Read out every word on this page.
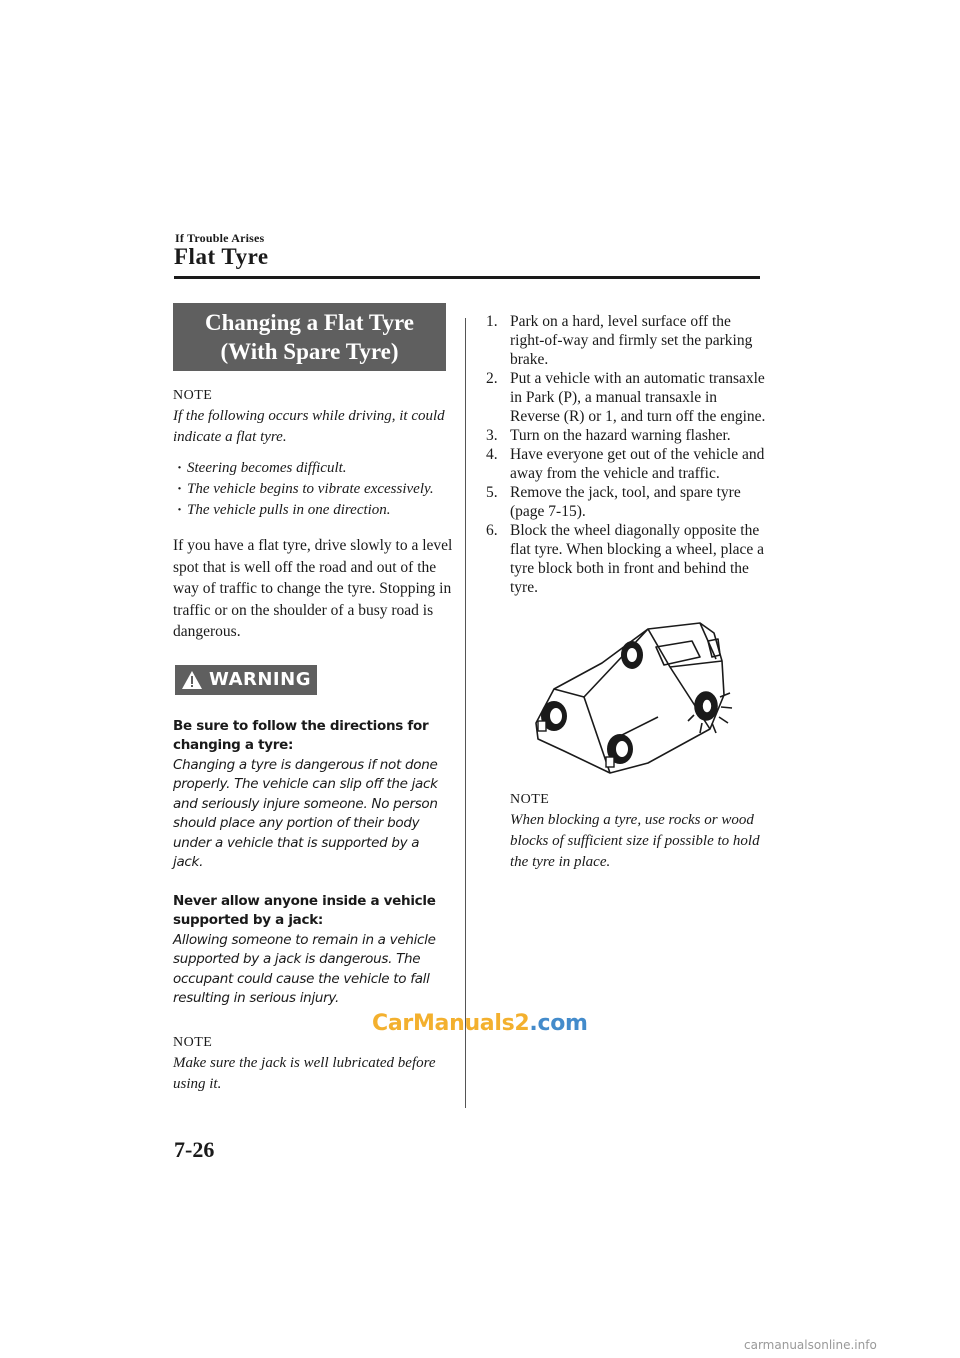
If Trouble Arises
Flat Tyre
Changing a Flat Tyre
(With Spare Tyre)
NOTE
If the following occurs while driving, it could indicate a flat tyre.
· Steering becomes difficult.
· The vehicle begins to vibrate excessively.
· The vehicle pulls in one direction.
If you have a flat tyre, drive slowly to a level spot that is well off the road and out of the way of traffic to change the tyre. Stopping in traffic or on the shoulder of a busy road is dangerous.
WARNING
Be sure to follow the directions for changing a tyre:
Changing a tyre is dangerous if not done properly. The vehicle can slip off the jack and seriously injure someone. No person should place any portion of their body under a vehicle that is supported by a jack.
Never allow anyone inside a vehicle supported by a jack:
Allowing someone to remain in a vehicle supported by a jack is dangerous. The occupant could cause the vehicle to fall resulting in serious injury.
NOTE
Make sure the jack is well lubricated before using it.
1. Park on a hard, level surface off the right-of-way and firmly set the parking brake.
2. Put a vehicle with an automatic transaxle in Park (P), a manual transaxle in Reverse (R) or 1, and turn off the engine.
3. Turn on the hazard warning flasher.
4. Have everyone get out of the vehicle and away from the vehicle and traffic.
5. Remove the jack, tool, and spare tyre (page 7-15).
6. Block the wheel diagonally opposite the flat tyre. When blocking a wheel, place a tyre block both in front and behind the tyre.
NOTE
When blocking a tyre, use rocks or wood blocks of sufficient size if possible to hold the tyre in place.
7-26
CarManuals2.com
carmanualsonline.info
